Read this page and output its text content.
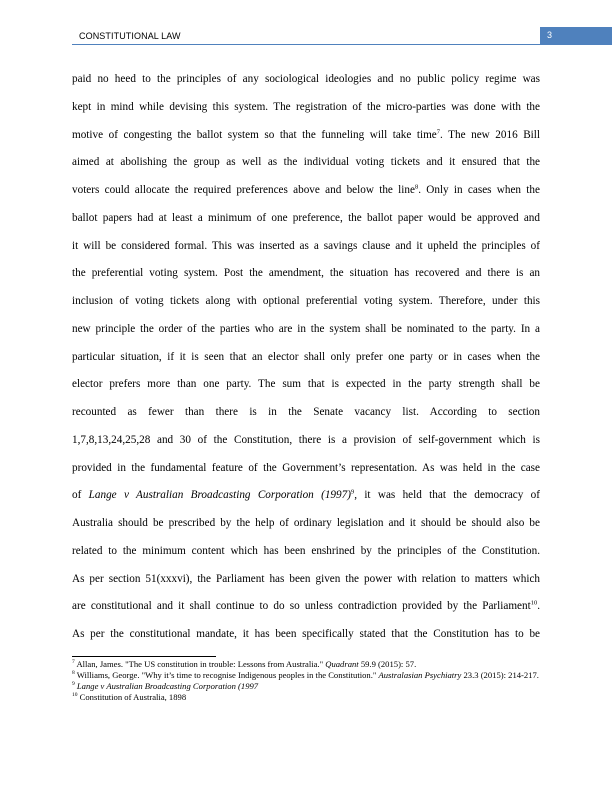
CONSTITUTIONAL LAW	3
paid no heed to the principles of any sociological ideologies and no public policy regime was
kept in mind while devising this system. The registration of the micro-parties was done with the
motive of congesting the ballot system so that the funneling will take time$^7$. The new 2016 Bill
aimed at abolishing the group as well as the individual voting tickets and it ensured that the
voters could allocate the required preferences above and below the line$^8$. Only in cases when the
ballot papers had at least a minimum of one preference, the ballot paper would be approved and
it will be considered formal. This was inserted as a savings clause and it upheld the principles of
the preferential voting system. Post the amendment, the situation has recovered and there is an
inclusion of voting tickets along with optional preferential voting system. Therefore, under this
new principle the order of the parties who are in the system shall be nominated to the party. In a
particular situation, if it is seen that an elector shall only prefer one party or in cases when the
elector prefers more than one party. The sum that is expected in the party strength shall be
recounted as fewer than there is in the Senate vacancy list. According to section
1,7,8,13,24,25,28 and 30 of the Constitution, there is a provision of self-government which is
provided in the fundamental feature of the Government’s representation. As was held in the case
of Lange v Australian Broadcasting Corporation $(1997)^9$, it was held that the democracy of
Australia should be prescribed by the help of ordinary legislation and it should be should also be
related to the minimum content which has been enshrined by the principles of the Constitution.
As per section 51(xxxvi), the Parliament has been given the power with relation to matters which
are constitutional and it shall continue to do so unless contradiction provided by the Parliament$^{10}$.
As per the constitutional mandate, it has been specifically stated that the Constitution has to be
$^7$ Allan, James. "The US constitution in trouble: Lessons from Australia." Quadrant 59.9 (2015): 57.
$^8$ Williams, George. "Why it’s time to recognise Indigenous peoples in the Constitution." Australasian Psychiatry 23.3 (2015): 214-217.
$^9$ Lange v Australian Broadcasting Corporation (1997
$^{10}$ Constitution of Australia, 1898
